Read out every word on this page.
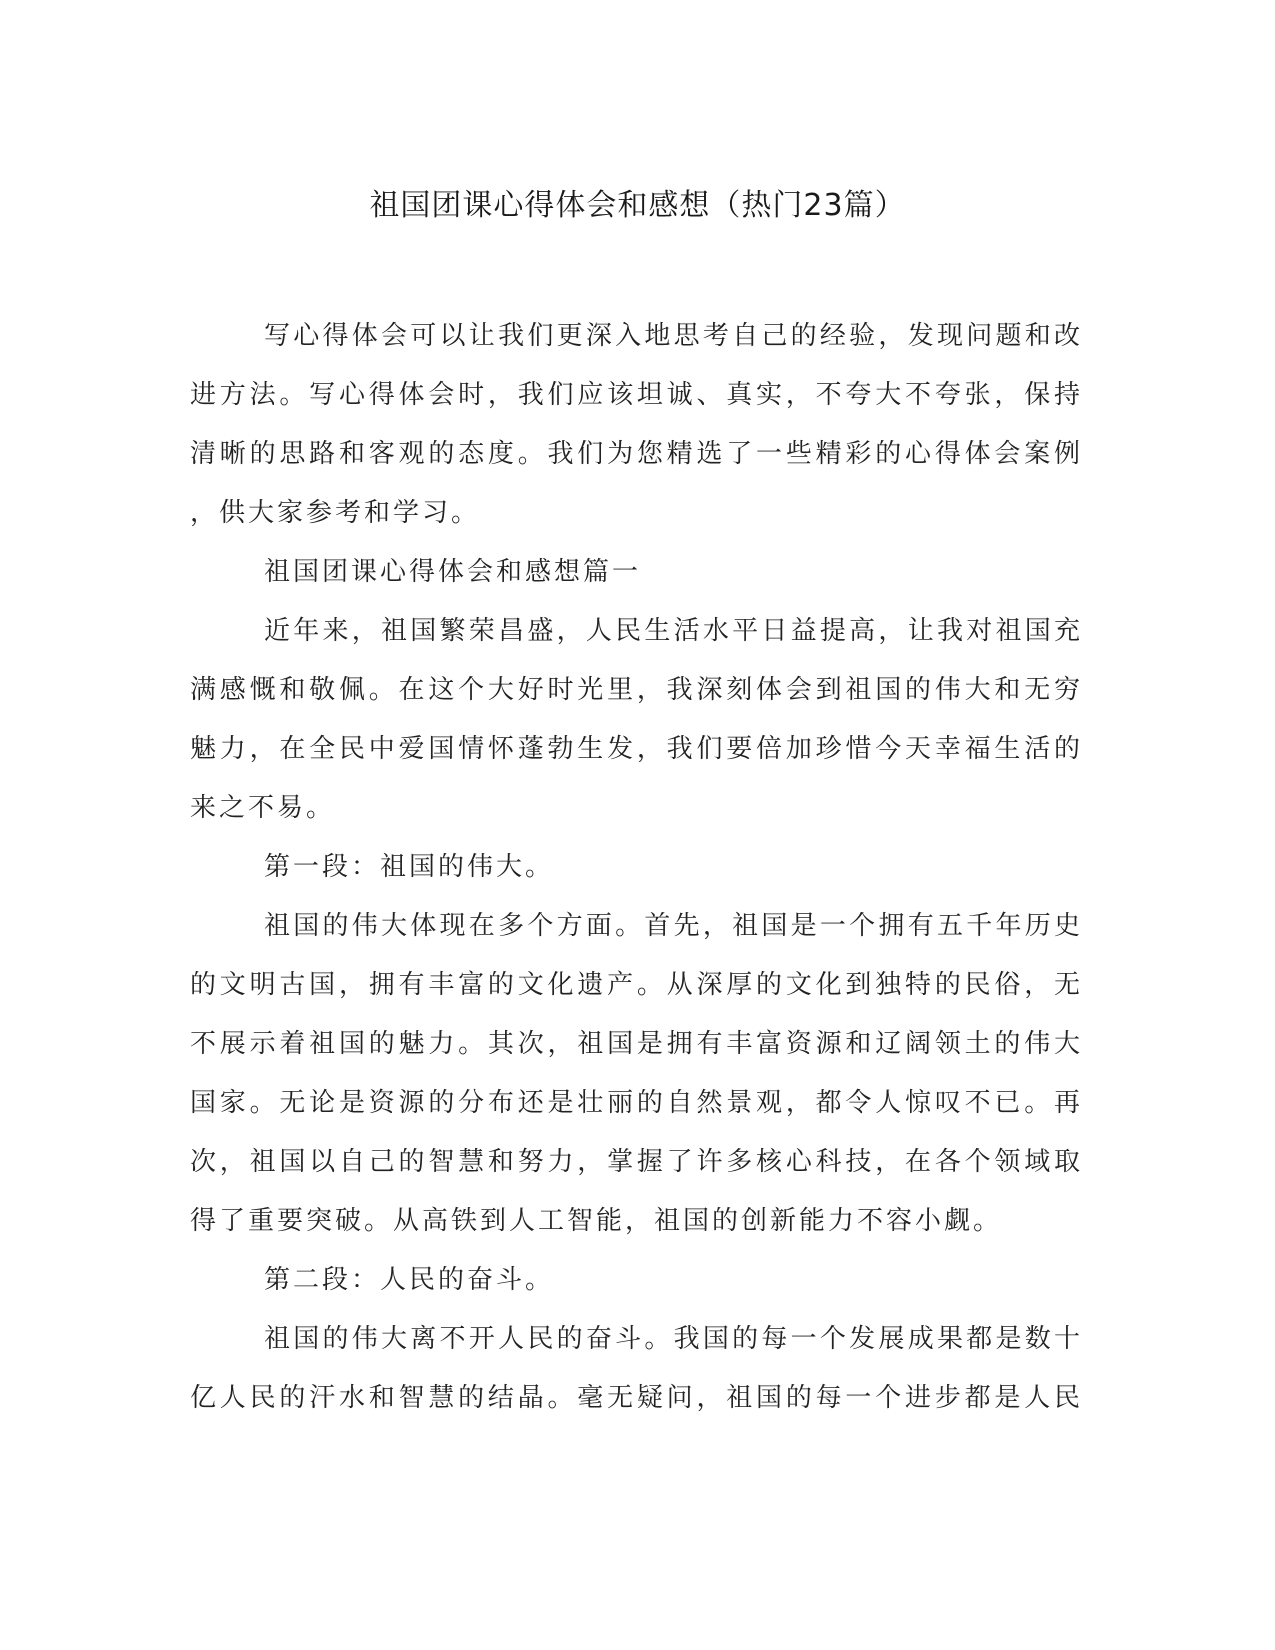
祖国团课心得体会和感想（热门23篇）
写心得体会可以让我们更深入地思考自己的经验，发现问题和改
进方法。写心得体会时，我们应该坦诚、真实，不夸大不夸张，保持
清晰的思路和客观的态度。我们为您精选了一些精彩的心得体会案例
，供大家参考和学习。
祖国团课心得体会和感想篇一
近年来，祖国繁荣昌盛，人民生活水平日益提高，让我对祖国充
满感慨和敬佩。在这个大好时光里，我深刻体会到祖国的伟大和无穷
魅力，在全民中爱国情怀蓬勃生发，我们要倍加珍惜今天幸福生活的
来之不易。
第一段：祖国的伟大。
祖国的伟大体现在多个方面。首先，祖国是一个拥有五千年历史
的文明古国，拥有丰富的文化遗产。从深厚的文化到独特的民俗，无
不展示着祖国的魅力。其次，祖国是拥有丰富资源和辽阔领土的伟大
国家。无论是资源的分布还是壮丽的自然景观，都令人惊叹不已。再
次，祖国以自己的智慧和努力，掌握了许多核心科技，在各个领域取
得了重要突破。从高铁到人工智能，祖国的创新能力不容小觑。
第二段：人民的奋斗。
祖国的伟大离不开人民的奋斗。我国的每一个发展成果都是数十
亿人民的汗水和智慧的结晶。毫无疑问，祖国的每一个进步都是人民
